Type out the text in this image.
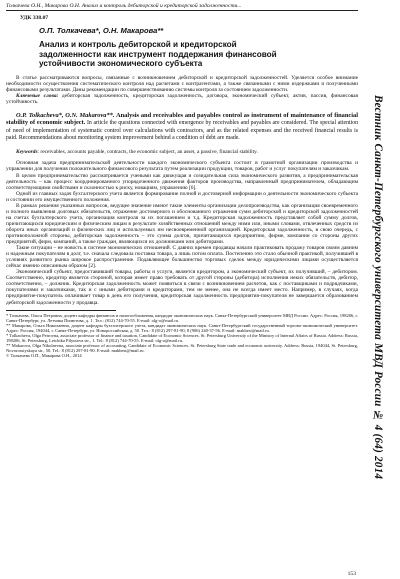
Толкачева О.Н., Макарова О.Н. Анализ и контроль дебиторской и кредиторской задолженности...
УДК 338.07
О.П. Толкачева*, О.Н. Макарова**
Анализ и контроль дебиторской и кредиторской задолженности как инструмент поддержания финансовой устойчивости экономического субъекта

В статье рассматриваются вопросы, связанные с возникновением дебиторской и кредиторской задолженностей. Уделяется особое внимание необходимости осуществления систематического контроля над расчетами с контрагентами, а также связанными с ними издержками и полученными финансовыми результатами. Даны рекомендации по совершенствованию системы контроля за состоянием задолженности.

Ключевые слова: дебиторская задолженность, кредиторская задолженность, договора, экономический субъект, актив, пассив, финансовая устойчивость.

O.P. Tolkacheva*, O.N. Makarova**. Analysis and receivables and payables control as instrument of maintenance of financial stability of economic subject. In article the questions connected with emergence by receivables and payables are considered. The special attention of need of implementation of systematic control over calculations with contractors, and as the related expenses and the received financial results is paid. Recommendations about monitoring system improvement behind a condition of debt are made.

Keywords: receivables, accounts payable, contracts, the economic subject, an asset, a passive, financial stability.

Основная задача предпринимательской деятельности каждого экономического субъекта состоит в грамотной организации производства и управлении для получения положительного финансового результата путем реализации продукции, товаров, работ и услуг покупателям и заказчикам.

В целом предпринимательство рассматривается учеными как движущая и созидательная сила экономического развития, а предпринимательская деятельность – как процесс координированного упорядоченного движения факторов производства, направленный предпринимателем, обладающим соответствующими свойствами и склонностью к риску, новациям, управлению [6].

Одной из главных задач бухгалтерского учета является формирование полной и достоверной информации о деятельности экономического субъекта и состоянии его имущественного положения.

В рамках решения указанных вопросов, ведущее значение имеют такие элементы организации делопроизводства, как организация своевременного и полного выявления долговых обязательств, отражение достоверного и обоснованного отражения сумм дебиторской и кредиторской задолженностей на счетах бухгалтерского учета, организация контроля за их погашением и т.д. Кредиторская задолженность представляет собой сумму долгов, причитающихся юридическим и физическим лицам в результате хозяйственных отношений между ними или, иными словами, отвлеченных средств из оборота иных организаций и физических лиц и используемых им несвоевременной организацией. Кредиторская задолженность, в свою очередь, с противоположной стороны, дебиторская задолженность – это сумма долгов, причитающихся предприятию, фирме, компании со стороны других предприятий, фирм, компаний, а также граждан, являющихся их должниками или дебиторами.

Такие ситуации – не новость в системе экономических отношений. С давних времен продавцы начали практиковать продажу товаров своим давним и надежным покупателям в долг, т.е. сначала следовала поставка товара, а лишь потом оплата. Постепенно это стало обычной практикой, получившей в условиях развитого рынка широкое распространение. Подавляющее большинство торговых сделок между юридическими лицами осуществляется сейчас именно описанным образом [2].

Экономический субъект, предоставивший товары, работы и услуги, является кредитором, а экономический субъект, их получивший, – дебитором. Соответственно, кредитор является стороной, которая имеет право требовать от другой стороны (дебитора) исполнения неких обязательств, дебитор, соответственно, – должник. Кредиторская задолженность может появиться в связи с возникновением расчетов, как с поставщиками и подрядчиками, покупателями и заказчиками, так и с иными дебиторами и кредиторами, тем не менее, она не всегда имеет место. Например, в случаях, когда предприятие-покупатель оплачивает товар в день его получения, кредиторская задолженность предприятия-покупателя не завершается образованием дебиторской задолженности у продавца.

* Толкачева, Ольга Петровна, доцент кафедры финансов и налогообложения, кандидат экономических наук. Санкт-Петербургский университет МВД России. Адрес: Россия, 198206, г. Санкт-Петербург, ул. Летчика Пилютова, д. 1. Тел.: (812) 744-70-55. E-mail: olg-o@mail.ru.

** Макарова, Ольга Николаевна, доцент кафедры бухгалтерского учета, кандидат экономических наук. Санкт-Петербургский государственный торгово-экономический университет. Адрес: Россия, 194044, г. Санкт-Петербург, ул. Новороссийская, д. 50. Тел.: 8 (812) 297-81-90, 8 (906) 240-37-56. E-mail: makbest@mail.ru.

* Tolkacheva, Olga Petrovna, associate professor of finance and taxation, Candidate of Economic Sciences. St. Petersburg University of the Ministry of Internal Affairs of Russia. Address: Russia, 198206, St. Petersburg, Letchika Pilyutova str., 1. Tel.: 8 (812) 744-70-55. E-mail: olg-o@mail.ru.

** Makarova, Olga Nikolaevna, associate professor of accounting, Candidate of Economic Sciences. St. Petersburg State trade and economic university. Address: Russia, 194044, St. Petersburg, Novorossiyskaya str., 50. Tel.: 8 (812) 297-81-90. E-mail: makbest@mail.ru.

© Толкачева О.П., Макарова О.Н., 2014
153
Вестник Санкт-Петербургского университета МВД России № 4 (64) 2014
